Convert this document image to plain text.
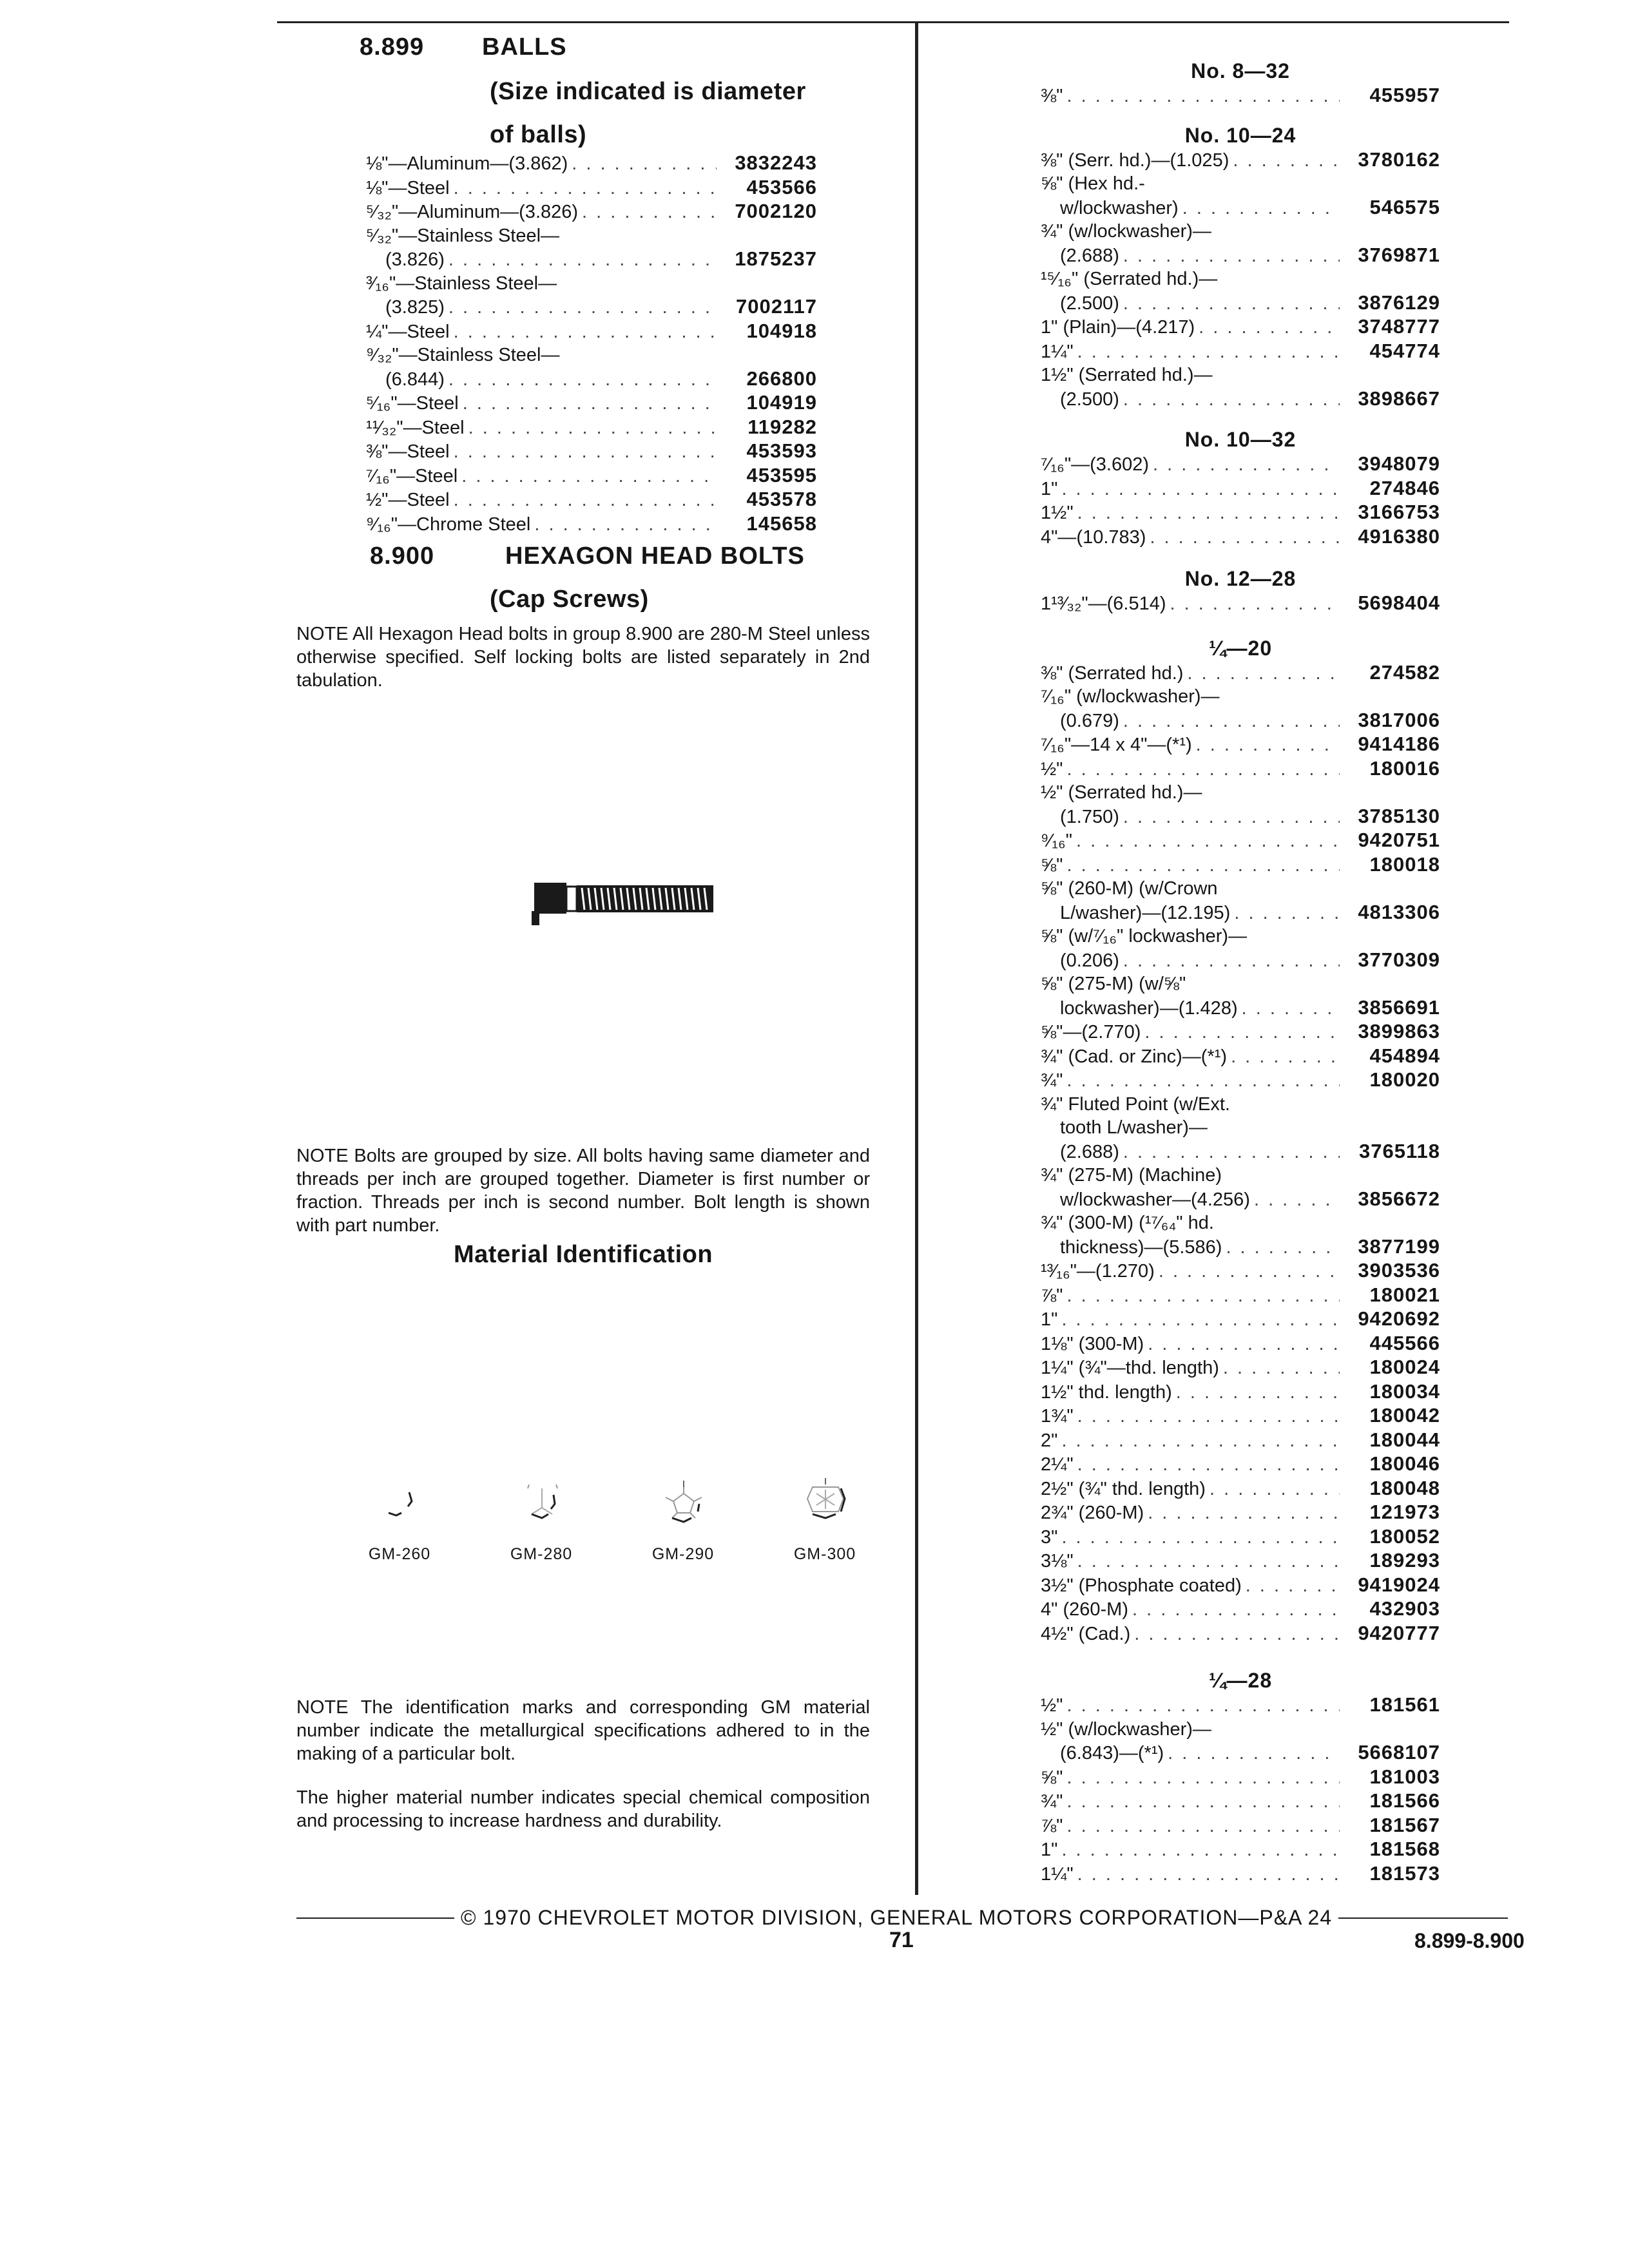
8.899	BALLS
(Size indicated is diameter
of balls)
⅛"—Aluminum—(3.862) . . .	3832243
⅛"—Steel . . .	453566
⁵⁄₃₂"—Aluminum—(3.826) . . .	7002120
⁵⁄₃₂"—Stainless Steel—
(3.826) . . .	1875237
³⁄₁₆"—Stainless Steel—
(3.825) . . .	7002117
¼"—Steel . . .	104918
⁹⁄₃₂"—Stainless Steel—
(6.844) . . .	266800
⁵⁄₁₆"—Steel . . .	104919
¹¹⁄₃₂"—Steel . . .	119282
⅜"—Steel . . .	453593
⁷⁄₁₆"—Steel . . .	453595
½"—Steel . . .	453578
⁹⁄₁₆"—Chrome Steel . . .	145658
8.900	HEXAGON HEAD BOLTS
(Cap Screws)

NOTE All Hexagon Head bolts in group 8.900 are 280-M Steel unless otherwise specified. Self locking bolts are listed separately in 2nd tabulation.

NOTE Bolts are grouped by size. All bolts having same diameter and threads per inch are grouped together. Diameter is first number or fraction. Threads per inch is second number. Bolt length is shown with part number.

Material Identification
GM-260	GM-280	GM-290	GM-300

NOTE The identification marks and corresponding GM material number indicate the metallurgical specifications adhered to in the making of a particular bolt.

The higher material number indicates special chemical composition and processing to increase hardness and durability.

No. 8—32
⅜" . . .	455957
No. 10—24
⅜" (Serr. hd.)—(1.025) . . .	3780162
⅝" (Hex hd.-
w/lockwasher) . . .	546575
¾" (w/lockwasher)—
(2.688) . . .	3769871
¹⁵⁄₁₆" (Serrated hd.)—
(2.500) . . .	3876129
1" (Plain)—(4.217) . . .	3748777
1¼" . . .	454774
1½" (Serrated hd.)—
(2.500) . . .	3898667
No. 10—32
⁷⁄₁₆"—(3.602) . . .	3948079
1" . . .	274846
1½" . . .	3166753
4"—(10.783) . . .	4916380
No. 12—28
1¹³⁄₃₂"—(6.514) . . .	5698404
¼—20
⅜" (Serrated hd.) . . .	274582
⁷⁄₁₆" (w/lockwasher)—
(0.679) . . .	3817006
⁷⁄₁₆"—14 x 4"—(*¹) . . .	9414186
½" . . .	180016
½" (Serrated hd.)—
(1.750) . . .	3785130
⁹⁄₁₆" . . .	9420751
⅝" . . .	180018
⅝" (260-M) (w/Crown
L/washer)—(12.195) . . .	4813306
⅝" (w/⁷⁄₁₆" lockwasher)—
(0.206) . . .	3770309
⅝" (275-M) (w/⅝"
lockwasher)—(1.428) . . .	3856691
⅝"—(2.770) . . .	3899863
¾" (Cad. or Zinc)—(*¹) . . .	454894
¾" . . .	180020
¾" Fluted Point (w/Ext.
tooth L/washer)—
(2.688) . . .	3765118
¾" (275-M) (Machine)
w/lockwasher—(4.256) . . .	3856672
¾" (300-M) (¹⁷⁄₆₄" hd.
thickness)—(5.586) . . .	3877199
¹³⁄₁₆"—(1.270) . . .	3903536
⅞" . . .	180021
1" . . .	9420692
1⅛" (300-M) . . .	445566
1¼" (¾"—thd. length) . . .	180024
1½" thd. length) . . .	180034
1¾" . . .	180042
2" . . .	180044
2¼" . . .	180046
2½" (¾" thd. length) . . .	180048
2¾" (260-M) . . .	121973
3" . . .	180052
3⅛" . . .	189293
3½" (Phosphate coated) . . .	9419024
4" (260-M) . . .	432903
4½" (Cad.) . . .	9420777
¼—28
½" . . .	181561
½" (w/lockwasher)—
(6.843)—(*¹) . . .	5668107
⅝" . . .	181003
¾" . . .	181566
⅞" . . .	181567
1" . . .	181568
1¼" . . .	181573
© 1970 CHEVROLET MOTOR DIVISION, GENERAL MOTORS CORPORATION—P&A 24
71	8.899-8.900
